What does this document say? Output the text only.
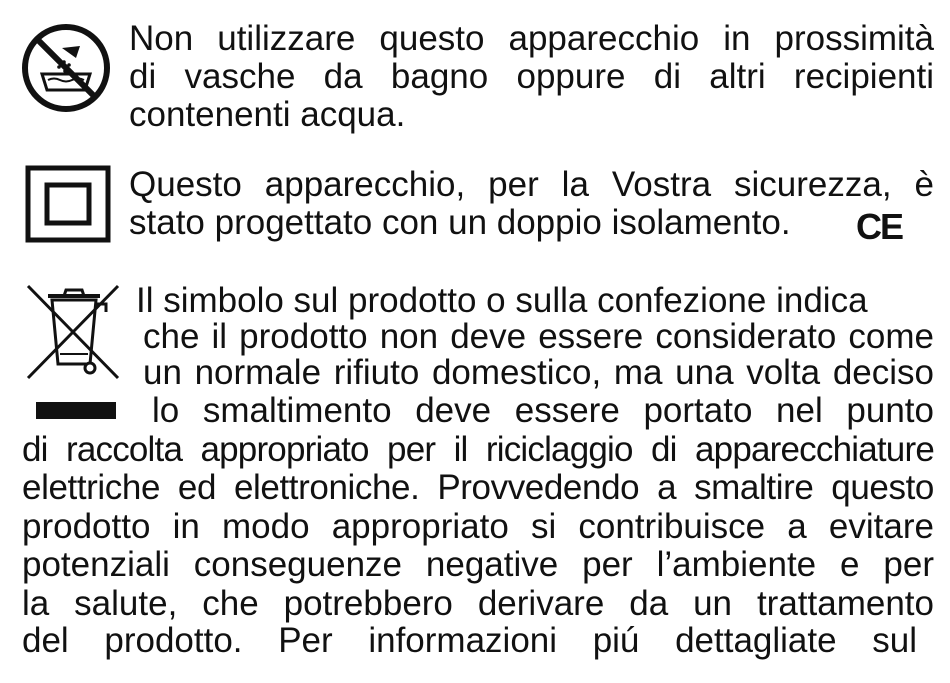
Non utilizzare questo apparecchio in prossimità
di vasche da bagno oppure di altri recipienti
contenenti acqua.
Questo apparecchio, per la Vostra sicurezza, è
stato progettato con un doppio isolamento. CE
Il simbolo sul prodotto o sulla confezione indica
che il prodotto non deve essere considerato come
un normale rifiuto domestico, ma una volta deciso
lo smaltimento deve essere portato nel punto
di raccolta appropriato per il riciclaggio di apparecchiature
elettriche ed elettroniche. Provvedendo a smaltire questo
prodotto in modo appropriato si contribuisce a evitare
potenziali conseguenze negative per l’ambiente e per
la salute, che potrebbero derivare da un trattamento
del prodotto. Per informazioni piú dettagliate sul
